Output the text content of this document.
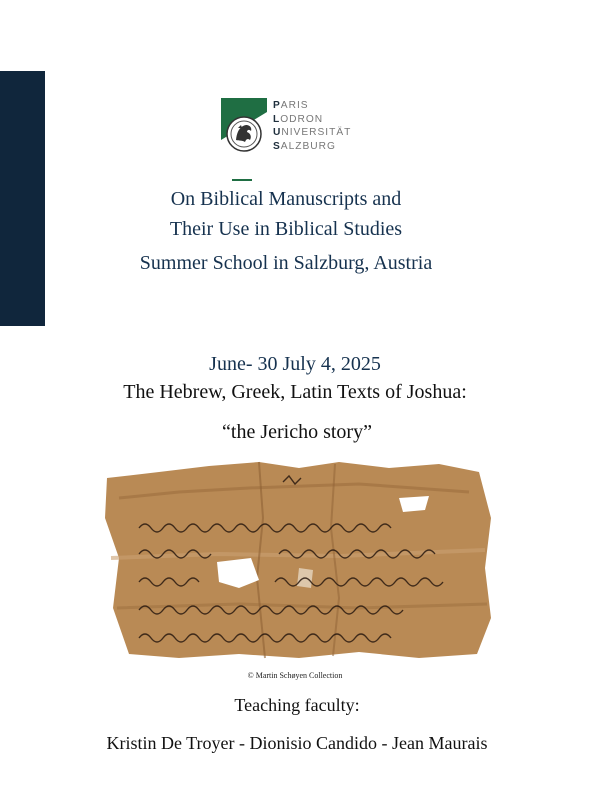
PARIS
LODRON
UNIVERSITÄT
SALZBURG
On Biblical Manuscripts and
Their Use in Biblical Studies
Summer School in Salzburg, Austria
June- 30 July 4, 2025
The Hebrew, Greek, Latin Texts of Joshua:
“the Jericho story”
© Martin Schøyen Collection
Teaching faculty:
Kristin De Troyer - Dionisio Candido - Jean Maurais
